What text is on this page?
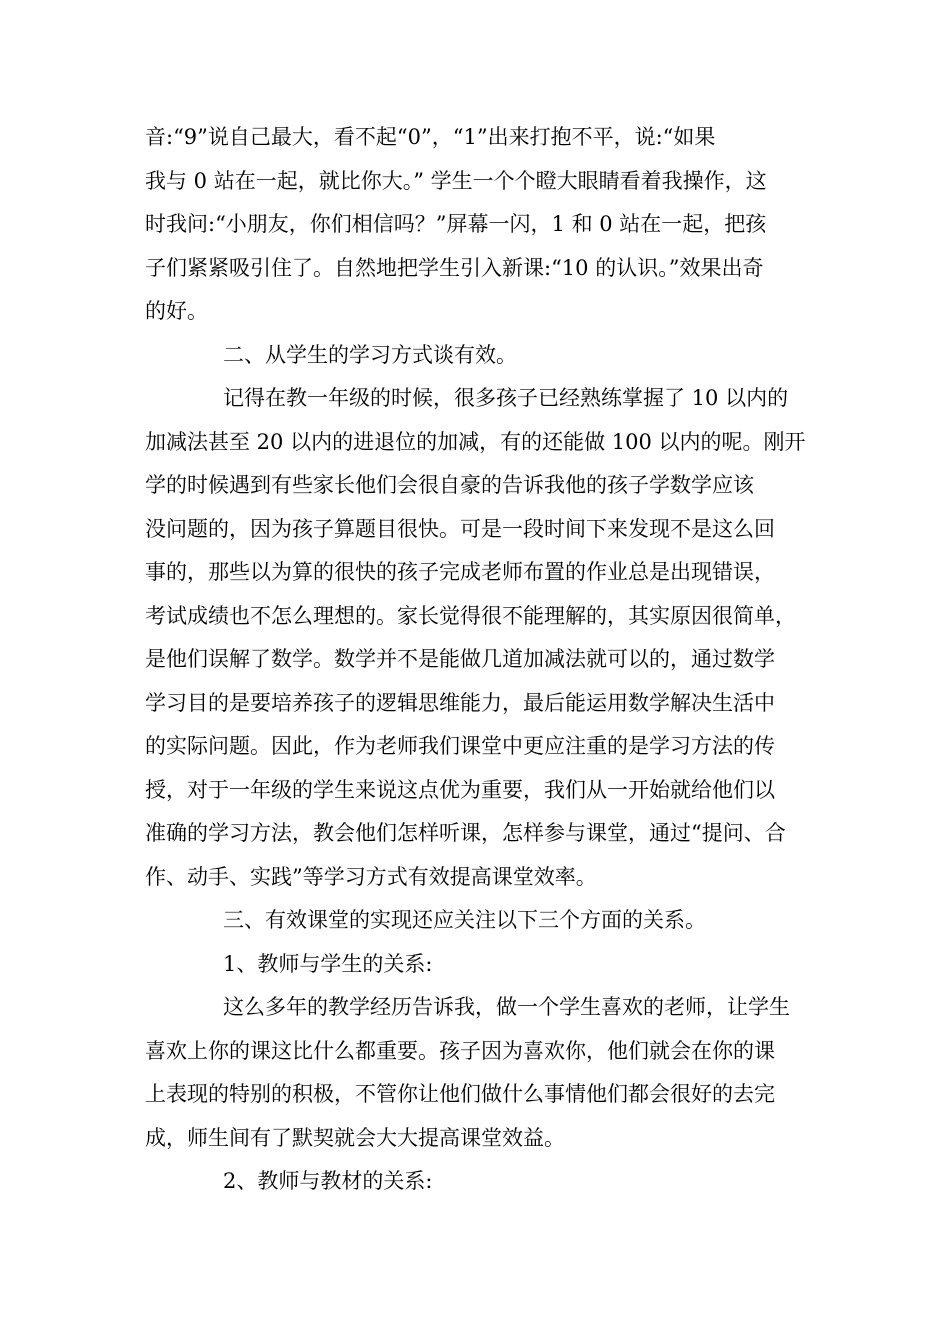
音:“9”说自己最大，看不起“0”，“1”出来打抱不平，说:“如果
我与 0 站在一起，就比你大。” 学生一个个瞪大眼睛看着我操作，这
时我问:“小朋友，你们相信吗？”屏幕一闪，1 和 0 站在一起，把孩
子们紧紧吸引住了。自然地把学生引入新课:“10 的认识。”效果出奇
的好。
二、从学生的学习方式谈有效。
记得在教一年级的时候，很多孩子已经熟练掌握了 10 以内的
加减法甚至 20 以内的进退位的加减，有的还能做 100 以内的呢。刚开
学的时候遇到有些家长他们会很自豪的告诉我他的孩子学数学应该
没问题的，因为孩子算题目很快。可是一段时间下来发现不是这么回
事的，那些以为算的很快的孩子完成老师布置的作业总是出现错误，
考试成绩也不怎么理想的。家长觉得很不能理解的，其实原因很简单，
是他们误解了数学。数学并不是能做几道加减法就可以的，通过数学
学习目的是要培养孩子的逻辑思维能力，最后能运用数学解决生活中
的实际问题。因此，作为老师我们课堂中更应注重的是学习方法的传
授，对于一年级的学生来说这点优为重要，我们从一开始就给他们以
准确的学习方法，教会他们怎样听课，怎样参与课堂，通过“提问、合
作、动手、实践”等学习方式有效提高课堂效率。
三、有效课堂的实现还应关注以下三个方面的关系。
1、教师与学生的关系:
这么多年的教学经历告诉我，做一个学生喜欢的老师，让学生
喜欢上你的课这比什么都重要。孩子因为喜欢你，他们就会在你的课
上表现的特别的积极，不管你让他们做什么事情他们都会很好的去完
成，师生间有了默契就会大大提高课堂效益。
2、教师与教材的关系:
